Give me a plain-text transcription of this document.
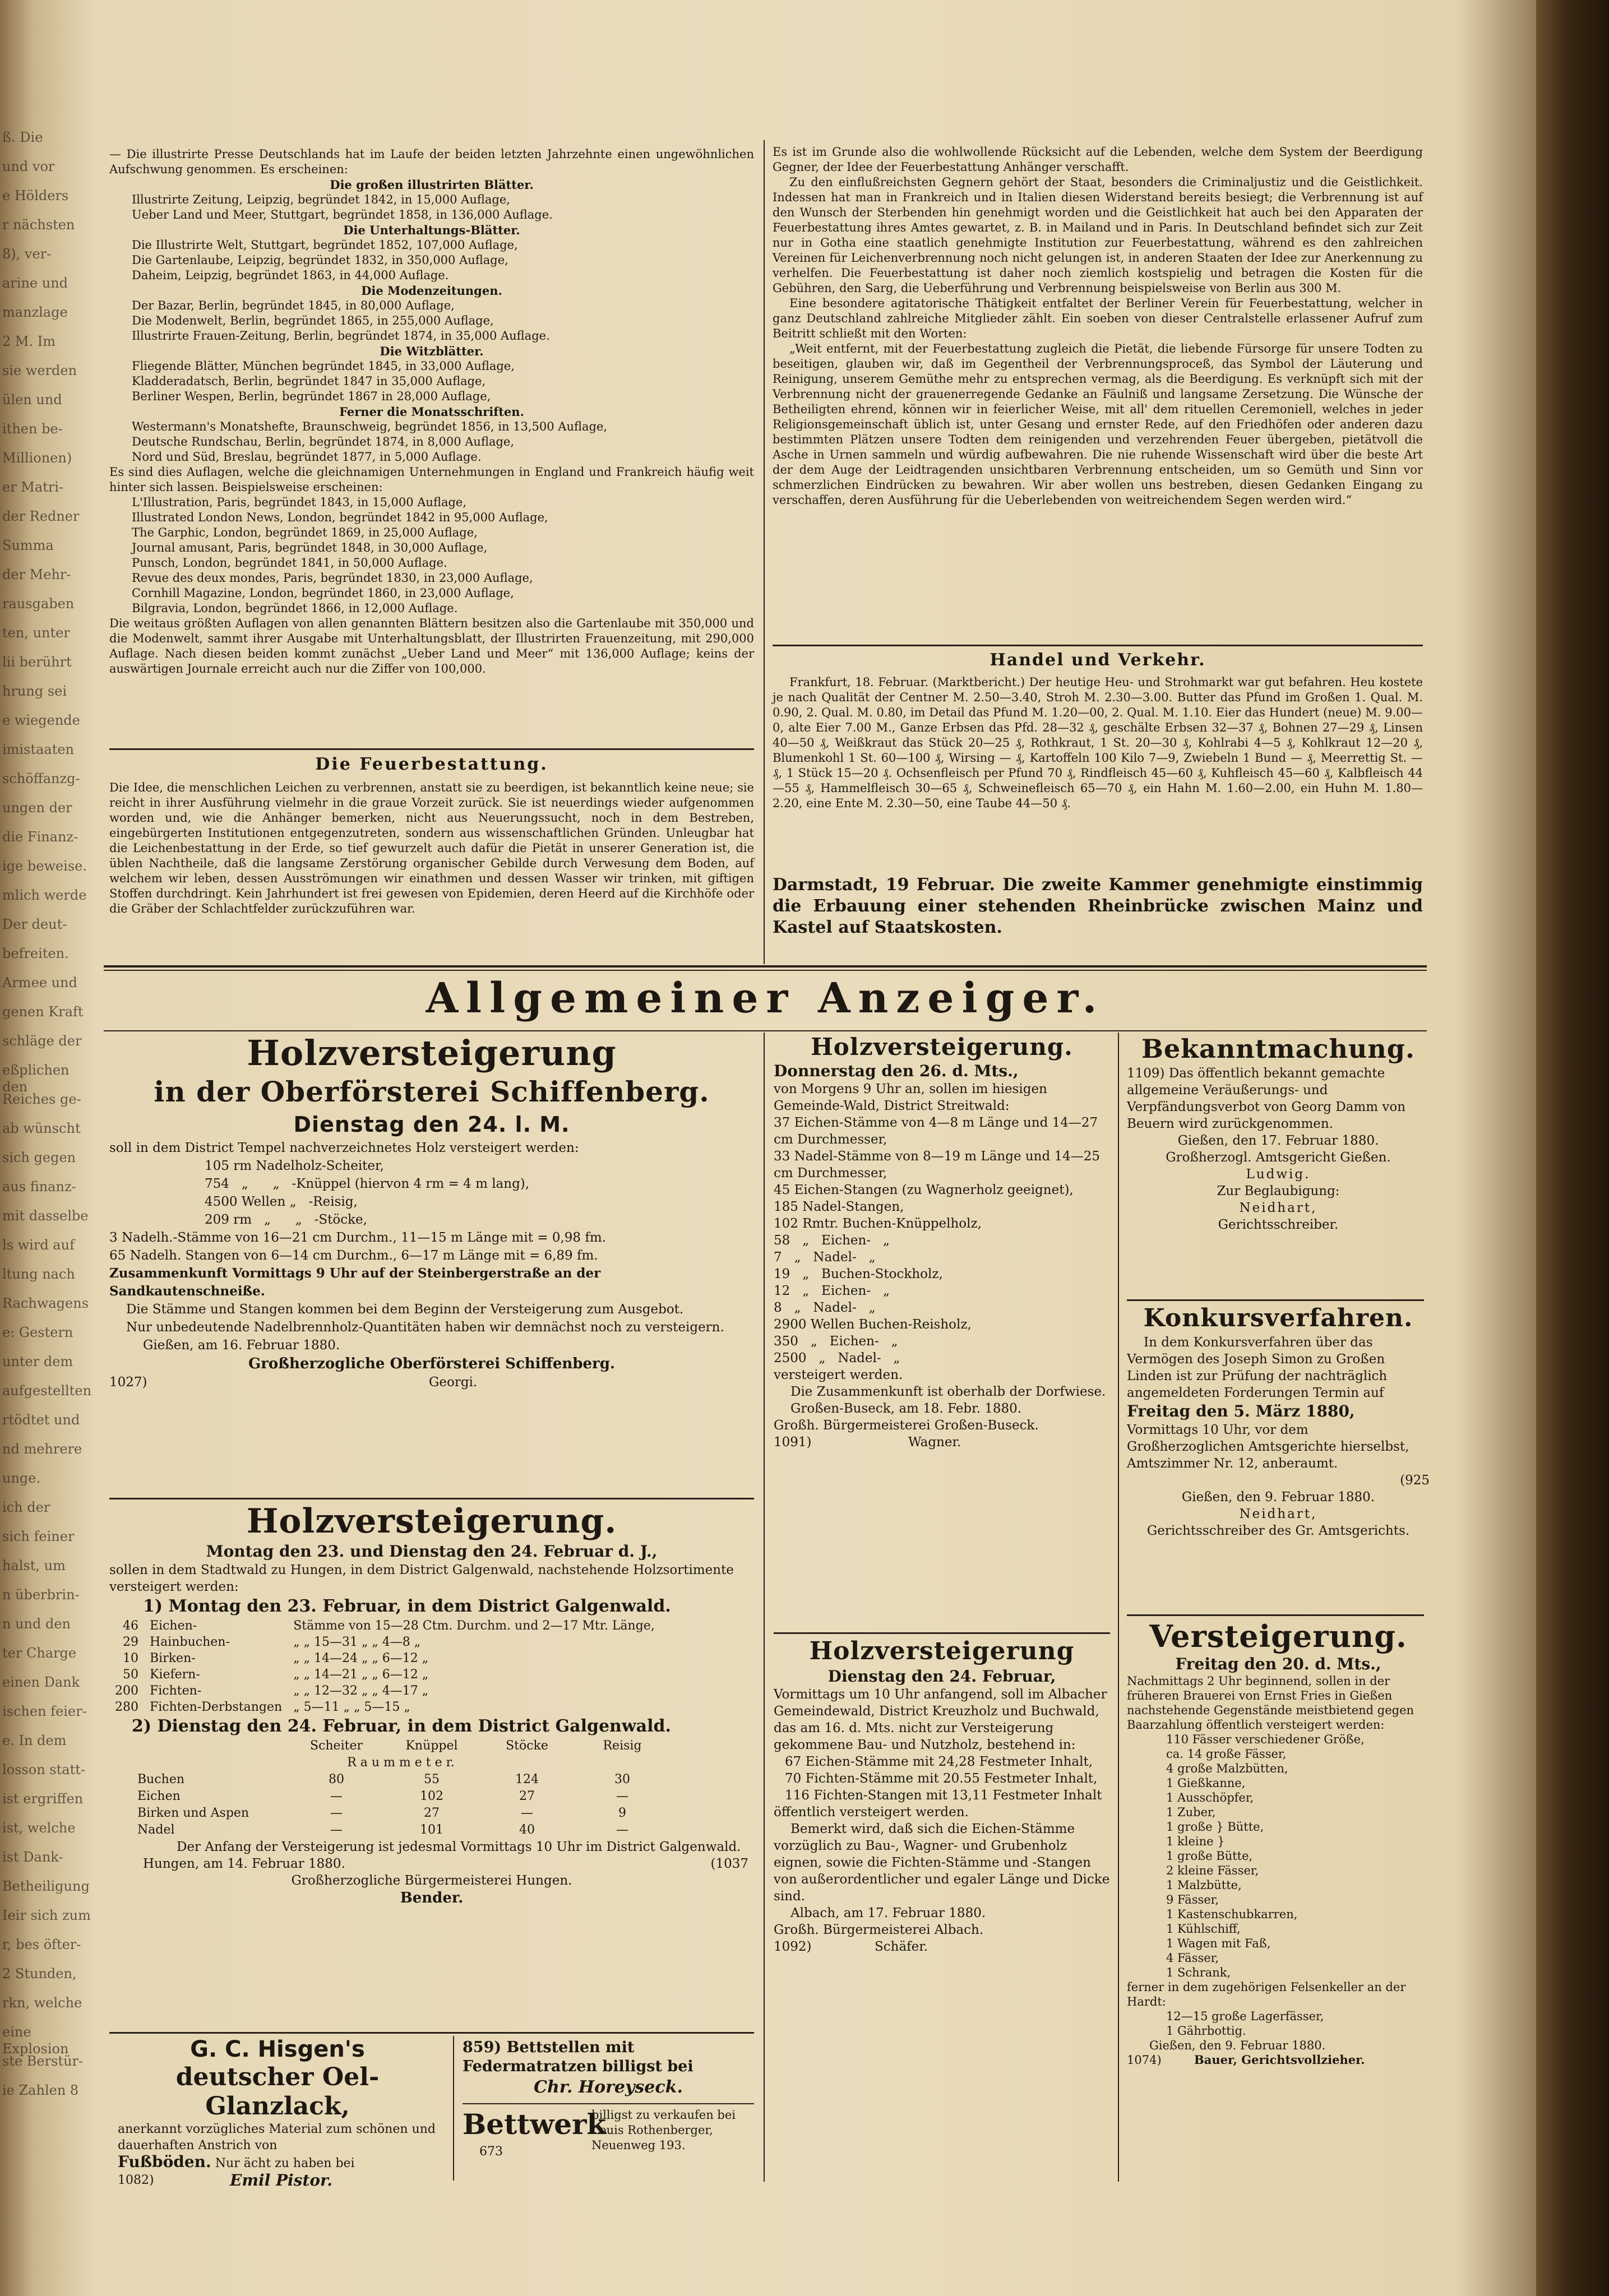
ß. Die
und vor
e Hölders
r nächsten
8), ver-
arine und
manzlage
2 M. Im
sie werden
ülen und
ithen be-
Millionen)
er Matri-
der Redner
Summa
der Mehr-
rausgaben
ten, unter
lii berührt
hrung sei
e wiegende
imistaaten
schöffanzg-
ungen der
die Finanz-
ige beweise.
mlich werde
Der deut-
befreiten.
Armee und
genen Kraft
schläge der
eßplichen den
Reiches ge-
ab wünscht
sich gegen
aus finanz-
mit dasselbe
ls wird auf
ltung nach
Rachwagens
e: Gestern
unter dem
aufgestellten
rtödtet und
nd mehrere
unge.
ich der
sich feiner
halst, um
n überbrin-
n und den
ter Charge
einen Dank
ischen feier-
e. In dem
losson statt-
ist ergriffen
ist, welche
ist Dank-
Betheiligung
Ieir sich zum
r, bes öfter-
2 Stunden,
rkn, welche
eine Explosion
ste Berstür-
ie Zahlen 8
— Die illustrirte Presse Deutschlands hat im Laufe der beiden letzten Jahrzehnte einen ungewöhnlichen Aufschwung genommen. Es erscheinen:
Die großen illustrirten Blätter.
Illustrirte Zeitung, Leipzig, begründet 1842, in 15,000 Auflage,
Ueber Land und Meer, Stuttgart, begründet 1858, in 136,000 Auflage.
Die Unterhaltungs-Blätter.
Die Illustrirte Welt, Stuttgart, begründet 1852, 107,000 Auflage,
Die Gartenlaube, Leipzig, begründet 1832, in 350,000 Auflage,
Daheim, Leipzig, begründet 1863, in 44,000 Auflage.
Die Modenzeitungen.
Der Bazar, Berlin, begründet 1845, in 80,000 Auflage,
Die Modenwelt, Berlin, begründet 1865, in 255,000 Auflage,
Illustrirte Frauen-Zeitung, Berlin, begründet 1874, in 35,000 Auflage.
Die Witzblätter.
Fliegende Blätter, München begründet 1845, in 33,000 Auflage,
Kladderadatsch, Berlin, begründet 1847 in 35,000 Auflage,
Berliner Wespen, Berlin, begründet 1867 in 28,000 Auflage,
Ferner die Monatsschriften.
Westermann's Monatshefte, Braunschweig, begründet 1856, in 13,500 Auflage,
Deutsche Rundschau, Berlin, begründet 1874, in 8,000 Auflage,
Nord und Süd, Breslau, begründet 1877, in 5,000 Auflage.
Es sind dies Auflagen, welche die gleichnamigen Unternehmungen in England und Frankreich häufig weit hinter sich lassen. Beispielsweise erscheinen:
L'Illustration, Paris, begründet 1843, in 15,000 Auflage,
Illustrated London News, London, begründet 1842 in 95,000 Auflage,
The Garphic, London, begründet 1869, in 25,000 Auflage,
Journal amusant, Paris, begründet 1848, in 30,000 Auflage,
Punsch, London, begründet 1841, in 50,000 Auflage.
Revue des deux mondes, Paris, begründet 1830, in 23,000 Auflage,
Cornhill Magazine, London, begründet 1860, in 23,000 Auflage,
Bilgravia, London, begründet 1866, in 12,000 Auflage.
Die weitaus größten Auflagen von allen genannten Blättern besitzen also die Gartenlaube mit 350,000 und die Modenwelt, sammt ihrer Ausgabe mit Unterhaltungsblatt, der Illustrirten Frauenzeitung, mit 290,000 Auflage. Nach diesen beiden kommt zunächst „Ueber Land und Meer“ mit 136,000 Auflage; keins der auswärtigen Journale erreicht auch nur die Ziffer von 100,000.
Die Feuerbestattung.
Die Idee, die menschlichen Leichen zu verbrennen, anstatt sie zu beerdigen, ist bekanntlich keine neue; sie reicht in ihrer Ausführung vielmehr in die graue Vorzeit zurück. Sie ist neuerdings wieder aufgenommen worden und, wie die Anhänger bemerken, nicht aus Neuerungssucht, noch in dem Bestreben, eingebürgerten Institutionen entgegenzutreten, sondern aus wissenschaftlichen Gründen. Unleugbar hat die Leichenbestattung in der Erde, so tief gewurzelt auch dafür die Pietät in unserer Generation ist, die üblen Nachtheile, daß die langsame Zerstörung organischer Gebilde durch Verwesung dem Boden, auf welchem wir leben, dessen Ausströmungen wir einathmen und dessen Wasser wir trinken, mit giftigen Stoffen durchdringt. Kein Jahrhundert ist frei gewesen von Epidemien, deren Heerd auf die Kirchhöfe oder die Gräber der Schlachtfelder zurückzuführen war.
Es ist im Grunde also die wohlwollende Rücksicht auf die Lebenden, welche dem System der Beerdigung Gegner, der Idee der Feuerbestattung Anhänger verschafft.
Zu den einflußreichsten Gegnern gehört der Staat, besonders die Criminaljustiz und die Geistlichkeit. Indessen hat man in Frankreich und in Italien diesen Widerstand bereits besiegt; die Verbrennung ist auf den Wunsch der Sterbenden hin genehmigt worden und die Geistlichkeit hat auch bei den Apparaten der Feuerbestattung ihres Amtes gewartet, z. B. in Mailand und in Paris. In Deutschland befindet sich zur Zeit nur in Gotha eine staatlich genehmigte Institution zur Feuerbestattung, während es den zahlreichen Vereinen für Leichenverbrennung noch nicht gelungen ist, in anderen Staaten der Idee zur Anerkennung zu verhelfen. Die Feuerbestattung ist daher noch ziemlich kostspielig und betragen die Kosten für die Gebühren, den Sarg, die Ueberführung und Verbrennung beispielsweise von Berlin aus 300 M.
Eine besondere agitatorische Thätigkeit entfaltet der Berliner Verein für Feuerbestattung, welcher in ganz Deutschland zahlreiche Mitglieder zählt. Ein soeben von dieser Centralstelle erlassener Aufruf zum Beitritt schließt mit den Worten:
„Weit entfernt, mit der Feuerbestattung zugleich die Pietät, die liebende Fürsorge für unsere Todten zu beseitigen, glauben wir, daß im Gegentheil der Verbrennungsproceß, das Symbol der Läuterung und Reinigung, unserem Gemüthe mehr zu entsprechen vermag, als die Beerdigung. Es verknüpft sich mit der Verbrennung nicht der grauenerregende Gedanke an Fäulniß und langsame Zersetzung. Die Wünsche der Betheiligten ehrend, können wir in feierlicher Weise, mit all' dem rituellen Ceremoniell, welches in jeder Religionsgemeinschaft üblich ist, unter Gesang und ernster Rede, auf den Friedhöfen oder anderen dazu bestimmten Plätzen unsere Todten dem reinigenden und verzehrenden Feuer übergeben, pietätvoll die Asche in Urnen sammeln und würdig aufbewahren. Die nie ruhende Wissenschaft wird über die beste Art der dem Auge der Leidtragenden unsichtbaren Verbrennung entscheiden, um so Gemüth und Sinn vor schmerzlichen Eindrücken zu bewahren. Wir aber wollen uns bestreben, diesen Gedanken Eingang zu verschaffen, deren Ausführung für die Ueberlebenden von weitreichendem Segen werden wird.“
Handel und Verkehr.
Frankfurt, 18. Februar. (Marktbericht.) Der heutige Heu- und Strohmarkt war gut befahren. Heu kostete je nach Qualität der Centner M. 2.50—3.40, Stroh M. 2.30—3.00. Butter das Pfund im Großen 1. Qual. M. 0.90, 2. Qual. M. 0.80, im Detail das Pfund M. 1.20—00, 2. Qual. M. 1.10. Eier das Hundert (neue) M. 9.00—0, alte Eier 7.00 M., Ganze Erbsen das Pfd. 28—32 ₰, geschälte Erbsen 32—37 ₰, Bohnen 27—29 ₰, Linsen 40—50 ₰, Weißkraut das Stück 20—25 ₰, Rothkraut, 1 St. 20—30 ₰, Kohlrabi 4—5 ₰, Kohlkraut 12—20 ₰, Blumenkohl 1 St. 60—100 ₰, Wirsing — ₰, Kartoffeln 100 Kilo 7—9, Zwiebeln 1 Bund — ₰, Meerrettig St. — ₰, 1 Stück 15—20 ₰. Ochsenfleisch per Pfund 70 ₰, Rindfleisch 45—60 ₰, Kuhfleisch 45—60 ₰, Kalbfleisch 44—55 ₰, Hammelfleisch 30—65 ₰, Schweinefleisch 65—70 ₰, ein Hahn M. 1.60—2.00, ein Huhn M. 1.80—2.20, eine Ente M. 2.30—50, eine Taube 44—50 ₰.
Darmstadt, 19 Februar. Die zweite Kammer genehmigte einstimmig die Erbauung einer stehenden Rheinbrücke zwischen Mainz und Kastel auf Staatskosten.
Allgemeiner Anzeiger.
Holzversteigerung
in der Oberförsterei Schiffenberg.
Dienstag den 24. l. M.
soll in dem District Tempel nachverzeichnetes Holz versteigert werden:
105 rm Nadelholz-Scheiter,
754   „      „   -Knüppel (hiervon 4 rm = 4 m lang),
4500 Wellen „   -Reisig,
209 rm   „      „   -Stöcke,
3 Nadelh.-Stämme von 16—21 cm Durchm., 11—15 m Länge mit = 0,98 fm.
65 Nadelh. Stangen von 6—14 cm Durchm., 6—17 m Länge mit = 6,89 fm.
Zusammenkunft Vormittags 9 Uhr auf der Steinbergerstraße an der Sandkautenschneiße.
Die Stämme und Stangen kommen bei dem Beginn der Versteigerung zum Ausgebot.
Nur unbedeutende Nadelbrennholz-Quantitäten haben wir demnächst noch zu versteigern.
Gießen, am 16. Februar 1880.
Großherzogliche Oberförsterei Schiffenberg.
1027)	Georgi.
Holzversteigerung.
Montag den 23. und Dienstag den 24. Februar d. J.,
sollen in dem Stadtwald zu Hungen, in dem District Galgenwald, nachstehende Holzsortimente versteigert werden:
1) Montag den 23. Februar, in dem District Galgenwald.
46	Eichen-	Stämme von 15—28 Ctm. Durchm. und 2—17 Mtr. Länge,
29	Hainbuchen-	„ „ 15—31 „ „ 4—8 „
10	Birken-	„ „ 14—24 „ „ 6—12 „
50	Kiefern-	„ „ 14—21 „ „ 6—12 „
200	Fichten-	„ „ 12—32 „ „ 4—17 „
280	Fichten-Derbstangen	„ 5—11 „ „ 5—15 „
2) Dienstag den 24. Februar, in dem District Galgenwald.
	Scheiter	Knüppel	Stöcke	Reisig
R a u m m e t e r.				
Buchen	80	55	124	30
Eichen	—	102	27	—
Birken und Aspen	—	27	—	9
Nadel	—	101	40	—
Der Anfang der Versteigerung ist jedesmal Vormittags 10 Uhr im District Galgenwald.
Hungen, am 14. Februar 1880.	(1037
Großherzogliche Bürgermeisterei Hungen.
Bender.
G. C. Hisgen's
deutscher Oel-Glanzlack,
anerkannt vorzügliches Material zum schönen und dauerhaften Anstrich von
Fußböden. Nur ächt zu haben bei
1082)	Emil Pistor.
859) Bettstellen mit Federmatratzen billigst bei
Chr. Horeyseck.
Bettwerk
billigst zu verkaufen bei Louis Rothenberger, Neuenweg 193.
673
Holzversteigerung.
Donnerstag den 26. d. Mts.,
von Morgens 9 Uhr an, sollen im hiesigen Gemeinde-Wald, District Streitwald:
37 Eichen-Stämme von 4—8 m Länge und 14—27 cm Durchmesser,
33 Nadel-Stämme von 8—19 m Länge und 14—25 cm Durchmesser,
45 Eichen-Stangen (zu Wagnerholz geeignet),
185 Nadel-Stangen,
102 Rmtr. Buchen-Knüppelholz,
58   „   Eichen-   „
7   „   Nadel-   „
19   „   Buchen-Stockholz,
12   „   Eichen-   „
8   „   Nadel-   „
2900 Wellen Buchen-Reisholz,
350   „   Eichen-   „
2500   „   Nadel-   „
versteigert werden.
Die Zusammenkunft ist oberhalb der Dorfwiese.
Großen-Buseck, am 18. Febr. 1880.
Großh. Bürgermeisterei Großen-Buseck.
1091)	Wagner.
Holzversteigerung
Dienstag den 24. Februar,
Vormittags um 10 Uhr anfangend, soll im Albacher Gemeindewald, District Kreuzholz und Buchwald, das am 16. d. Mts. nicht zur Versteigerung gekommene Bau- und Nutzholz, bestehend in:
67 Eichen-Stämme mit 24,28 Festmeter Inhalt,
70 Fichten-Stämme mit 20.55 Festmeter Inhalt,
116 Fichten-Stangen mit 13,11 Festmeter Inhalt
öffentlich versteigert werden.
Bemerkt wird, daß sich die Eichen-Stämme vorzüglich zu Bau-, Wagner- und Grubenholz eignen, sowie die Fichten-Stämme und -Stangen von außerordentlicher und egaler Länge und Dicke sind.
Albach, am 17. Februar 1880.
Großh. Bürgermeisterei Albach.
1092)	Schäfer.
Bekanntmachung.
1109) Das öffentlich bekannt gemachte allgemeine Veräußerungs- und Verpfändungsverbot von Georg Damm von Beuern wird zurückgenommen.
Gießen, den 17. Februar 1880.
Großherzogl. Amtsgericht Gießen.
Ludwig.
Zur Beglaubigung:
Neidhart,
Gerichtsschreiber.
Konkursverfahren.
In dem Konkursverfahren über das Vermögen des Joseph Simon zu Großen Linden ist zur Prüfung der nachträglich angemeldeten Forderungen Termin auf
Freitag den 5. März 1880,
Vormittags 10 Uhr, vor dem Großherzoglichen Amtsgerichte hierselbst, Amtszimmer Nr. 12, anberaumt.
(925
Gießen, den 9. Februar 1880.
Neidhart,
Gerichtsschreiber des Gr. Amtsgerichts.
Versteigerung.
Freitag den 20. d. Mts.,
Nachmittags 2 Uhr beginnend, sollen in der früheren Brauerei von Ernst Fries in Gießen nachstehende Gegenstände meistbietend gegen Baarzahlung öffentlich versteigert werden:
110 Fässer verschiedener Größe,
ca. 14 große Fässer,
4 große Malzbütten,
1 Gießkanne,
1 Ausschöpfer,
1 Zuber,
1 große } Bütte,
1 kleine }
1 große Bütte,
2 kleine Fässer,
1 Malzbütte,
9 Fässer,
1 Kastenschubkarren,
1 Kühlschiff,
1 Wagen mit Faß,
4 Fässer,
1 Schrank,
ferner in dem zugehörigen Felsenkeller an der Hardt:
12—15 große Lagerfässer,
1 Gährbottig.
Gießen, den 9. Februar 1880.
1074)	Bauer, Gerichtsvollzieher.
